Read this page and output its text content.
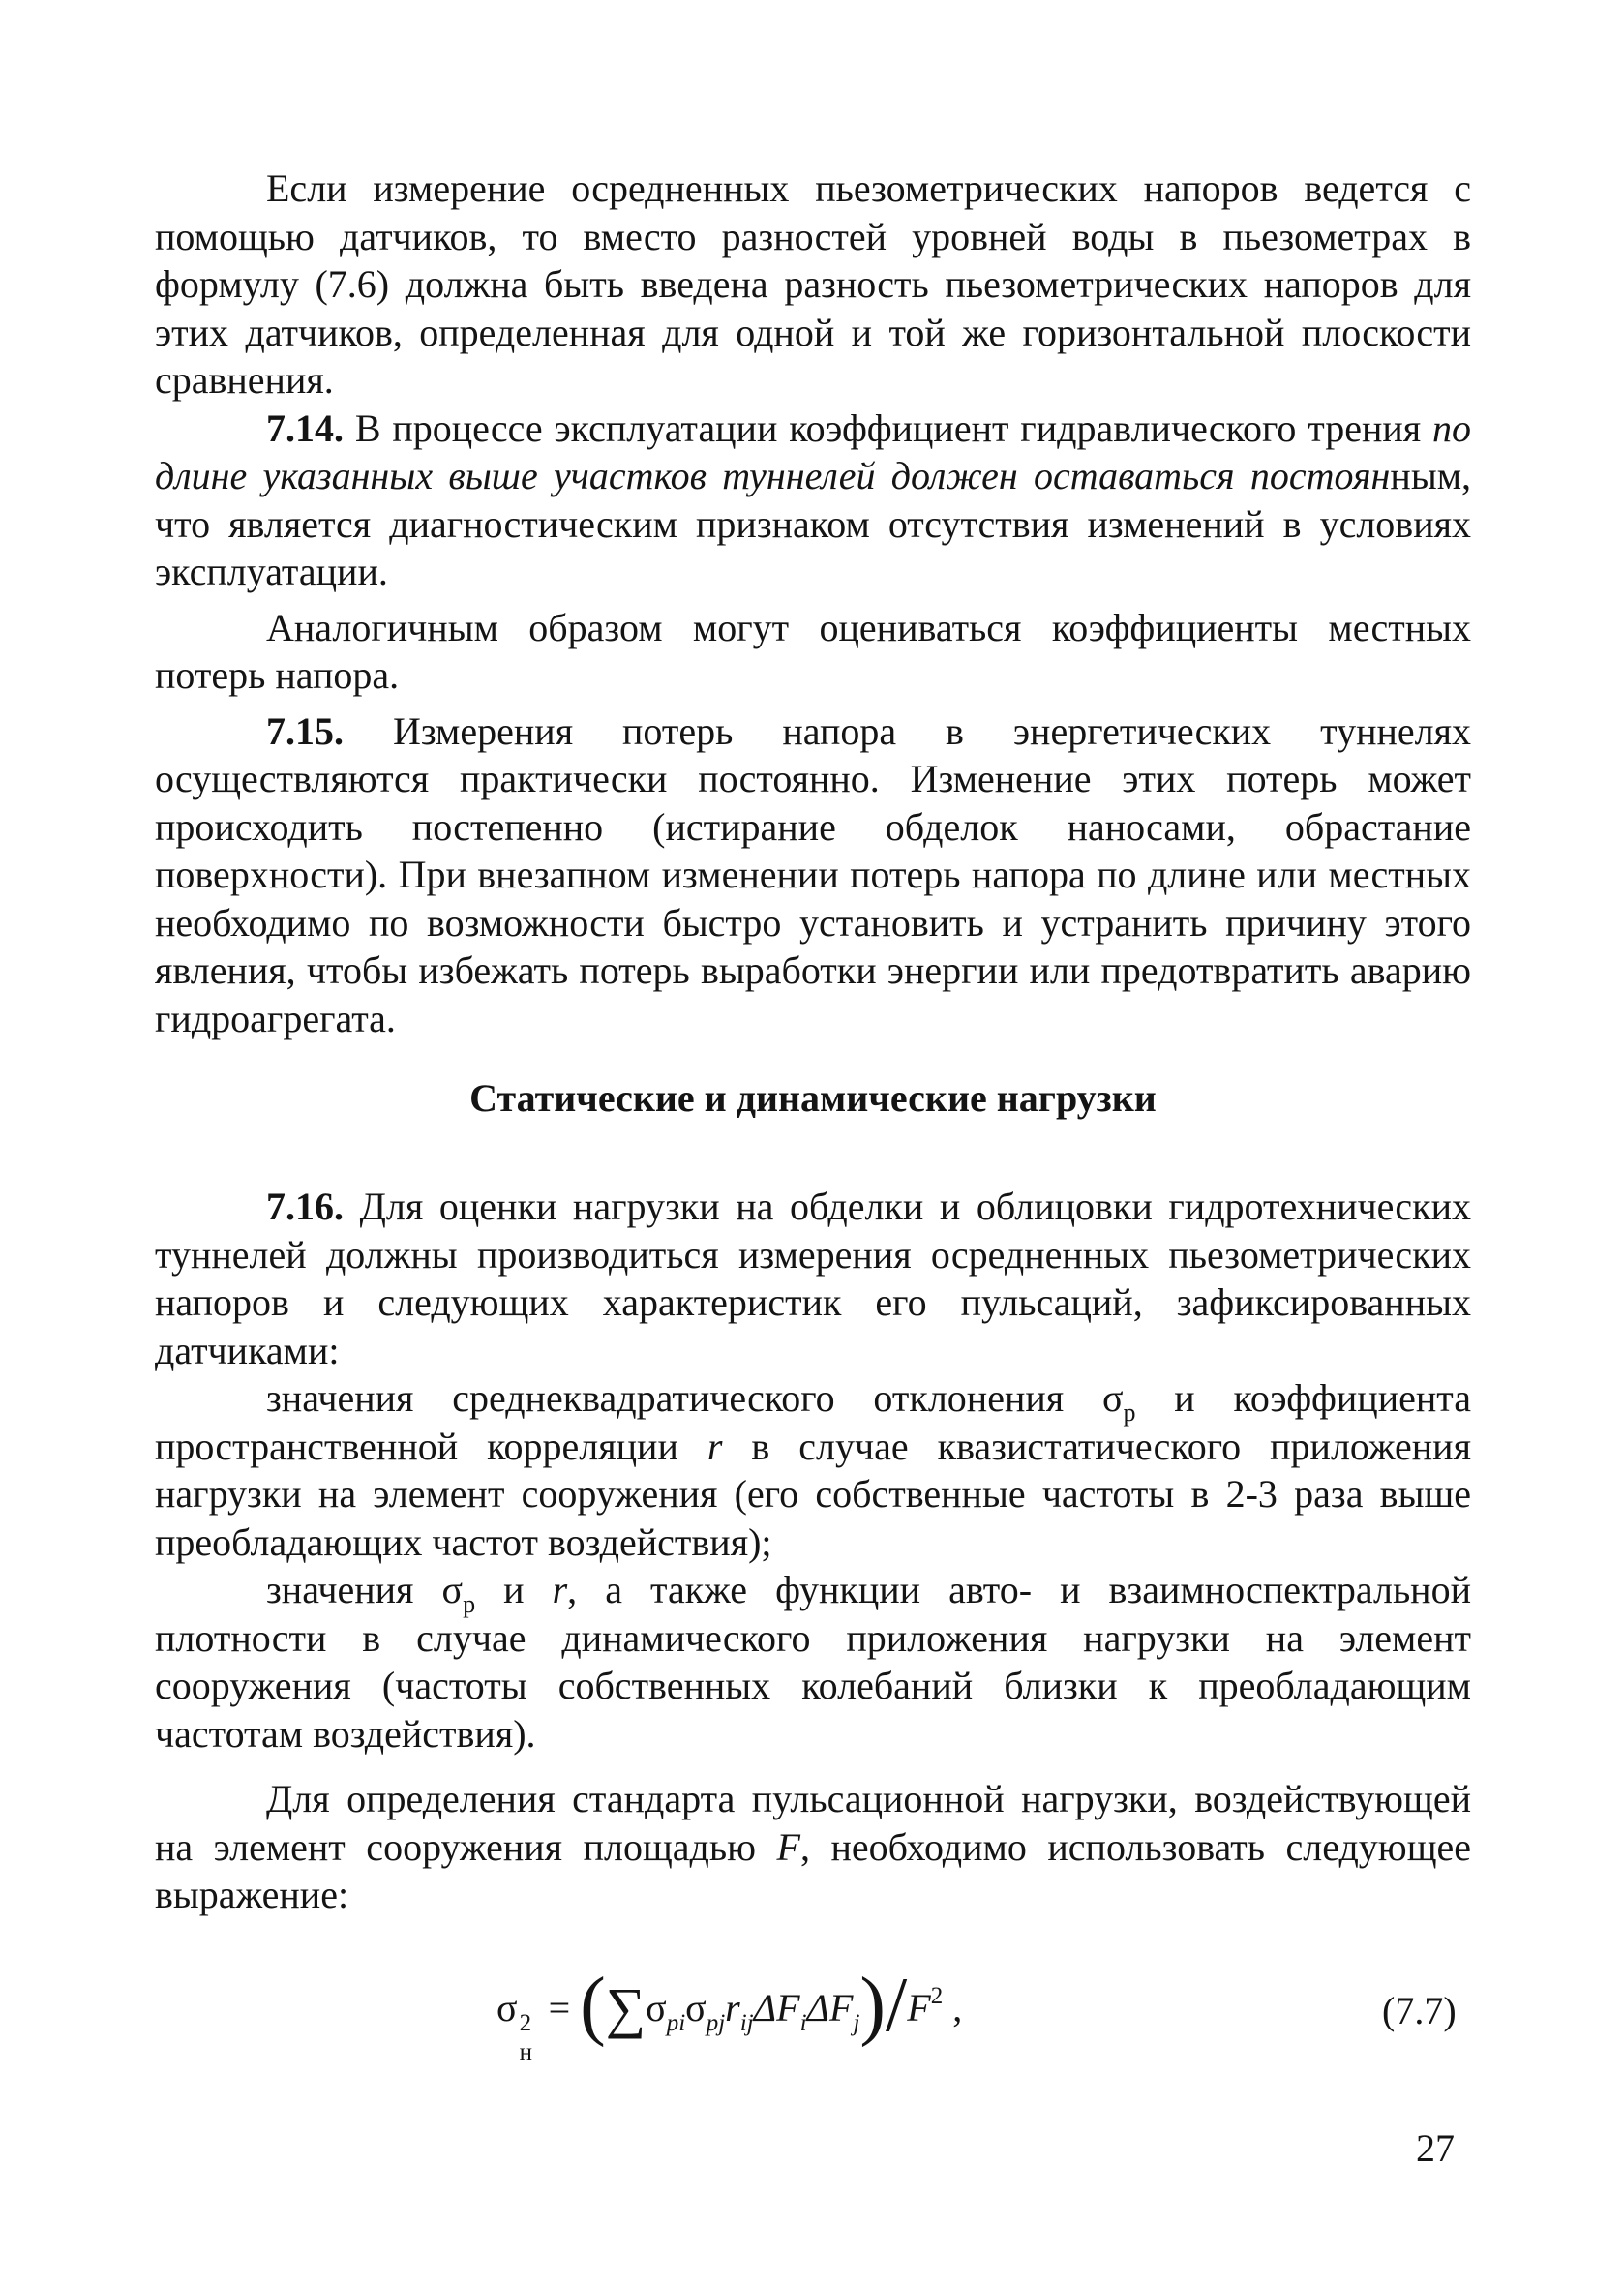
Если измерение осредненных пьезометрических напоров ведется с помощью датчиков, то вместо разностей уровней воды в пьезометрах в формулу (7.6) должна быть введена разность пьезометрических напоров для этих датчиков, определенная для одной и той же горизонтальной плоскости сравнения.

7.14. В процессе эксплуатации коэффициент гидравлического трения по длине указанных выше участков туннелей должен оставаться постоянным, что является диагностическим признаком отсутствия изменений в условиях эксплуатации.

Аналогичным образом могут оцениваться коэффициенты местных потерь напора.

7.15. Измерения потерь напора в энергетических туннелях осуществляются практически постоянно. Изменение этих потерь может происходить постепенно (истирание обделок наносами, обрастание поверхности). При внезапном изменении потерь напора по длине или местных необходимо по возможности быстро установить и устранить причину этого явления, чтобы избежать потерь выработки энергии или предотвратить аварию гидроагрегата.

Статические и динамические нагрузки

7.16. Для оценки нагрузки на обделки и облицовки гидротехнических туннелей должны производиться измерения осредненных пьезометрических напоров и следующих характеристик его пульсаций, зафиксированных датчиками:

значения среднеквадратического отклонения $\sigma_р$ и коэффициента пространственной корреляции r в случае квазистатического приложения нагрузки на элемент сооружения (его собственные частоты в 2-3 раза выше преобладающих частот воздействия);

значения $\sigma_р$ и r, а также функции авто- и взаимноспектральной плотности в случае динамического приложения нагрузки на элемент сооружения (частоты собственных колебаний близки к преобладающим частотам воздействия).

Для определения стандарта пульсационной нагрузки, воздействующей на элемент сооружения площадью F, необходимо использовать следующее выражение:

σ 2
н
= $(\sum\sigma_{pi}\sigma_{pj}r_{ij}\Delta F_i\Delta F_j)/F^2$ ,	(7.7)
27
